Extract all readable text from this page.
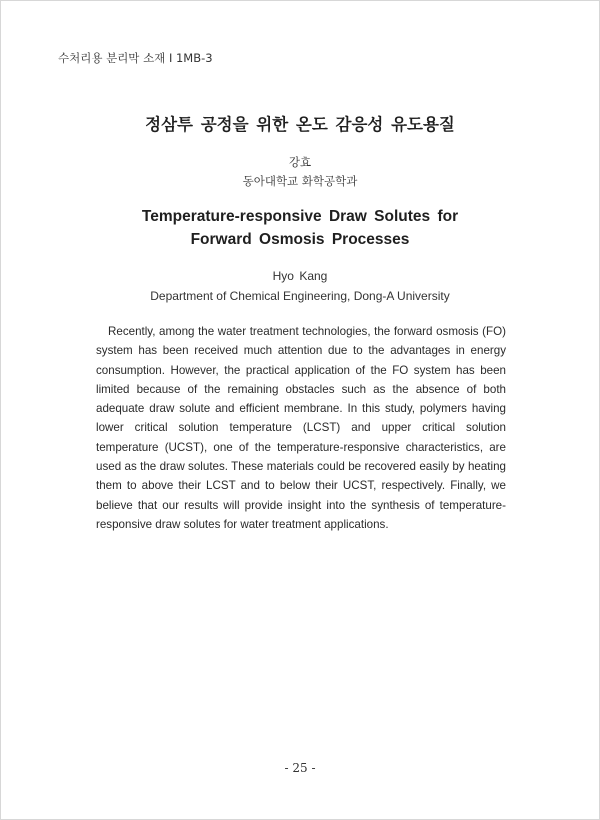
수처리용 분리막 소재 Ⅰ 1MB-3
정삼투 공정을 위한 온도 감응성 유도용질
강효
동아대학교 화학공학과
Temperature-responsive Draw Solutes for
Forward Osmosis Processes
Hyo Kang
Department of Chemical Engineering, Dong-A University

Recently, among the water treatment technologies, the forward osmosis (FO) system has been received much attention due to the advantages in energy consumption. However, the practical application of the FO system has been limited because of the remaining obstacles such as the absence of both adequate draw solute and efficient membrane. In this study, polymers having lower critical solution temperature (LCST) and upper critical solution temperature (UCST), one of the temperature-responsive characteristics, are used as the draw solutes. These materials could be recovered easily by heating them to above their LCST and to below their UCST, respectively. Finally, we believe that our results will provide insight into the synthesis of temperature-responsive draw solutes for water treatment applications.

- 25 -
